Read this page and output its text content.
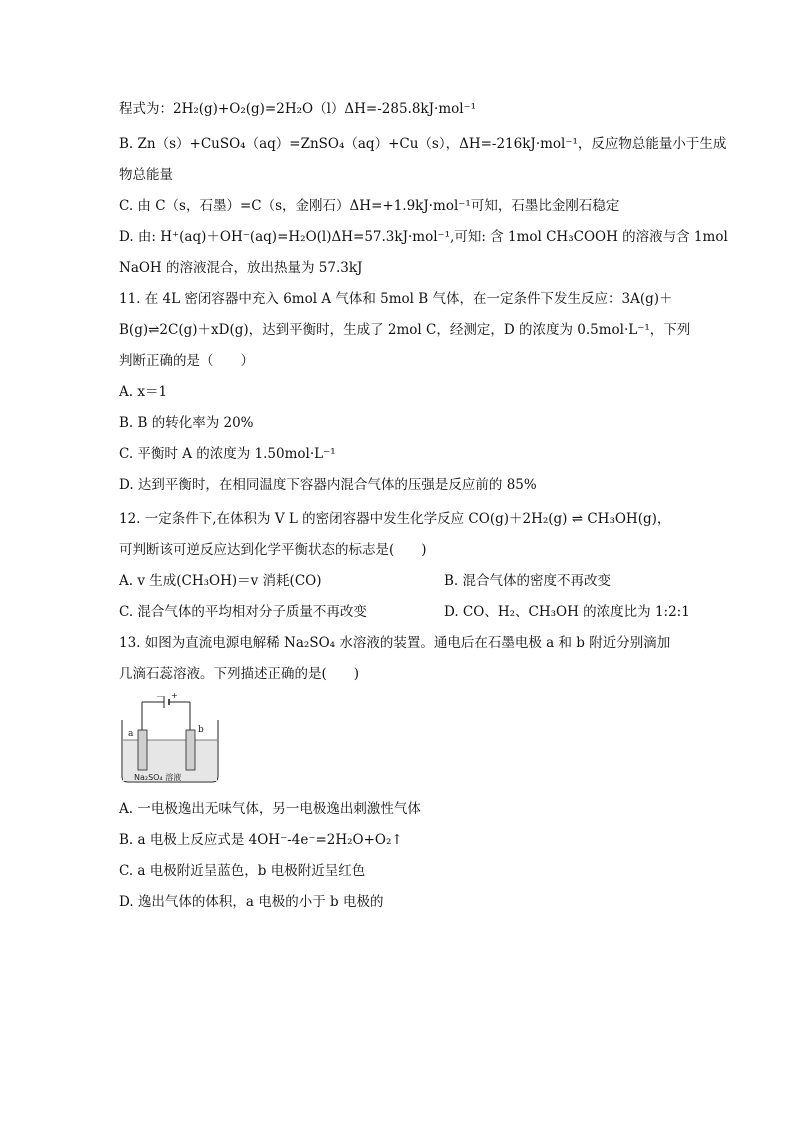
程式为：2H₂(g)+O₂(g)=2H₂O（l）ΔH=-285.8kJ·mol⁻¹
B. Zn（s）+CuSO₄（aq）=ZnSO₄（aq）+Cu（s），ΔH=-216kJ·mol⁻¹，反应物总能量小于生成
物总能量
C. 由 C（s，石墨）=C（s，金刚石）ΔH=+1.9kJ·mol⁻¹可知，石墨比金刚石稳定
D. 由: H⁺(aq)＋OH⁻(aq)=H₂O(l)ΔH=57.3kJ·mol⁻¹,可知: 含 1mol CH₃COOH 的溶液与含 1mol
NaOH 的溶液混合，放出热量为 57.3kJ
11. 在 4L 密闭容器中充入 6mol A 气体和 5mol B 气体，在一定条件下发生反应：3A(g)＋
B(g)⇌2C(g)＋xD(g)，达到平衡时，生成了 2mol C，经测定，D 的浓度为 0.5mol·L⁻¹，下列
判断正确的是（　　）
A. x＝1
B. B 的转化率为 20%
C. 平衡时 A 的浓度为 1.50mol·L⁻¹
D. 达到平衡时，在相同温度下容器内混合气体的压强是反应前的 85%
12. 一定条件下,在体积为 V L 的密闭容器中发生化学反应 CO(g)＋2H₂(g) ⇌ CH₃OH(g)，
可判断该可逆反应达到化学平衡状态的标志是(　　)
A. v 生成(CH₃OH)＝v 消耗(CO)	B. 混合气体的密度不再改变
C. 混合气体的平均相对分子质量不再改变	D. CO、H₂、CH₃OH 的浓度比为 1:2:1
13. 如图为直流电源电解稀 Na₂SO₄ 水溶液的装置。通电后在石墨电极 a 和 b 附近分别滴加
几滴石蕊溶液。下列描述正确的是(　　)
－ +
a	b
Na₂SO₄ 溶液
A. 一电极逸出无味气体，另一电极逸出刺激性气体
B. a 电极上反应式是 4OH⁻-4e⁻=2H₂O+O₂↑
C. a 电极附近呈蓝色，b 电极附近呈红色
D. 逸出气体的体积，a 电极的小于 b 电极的
